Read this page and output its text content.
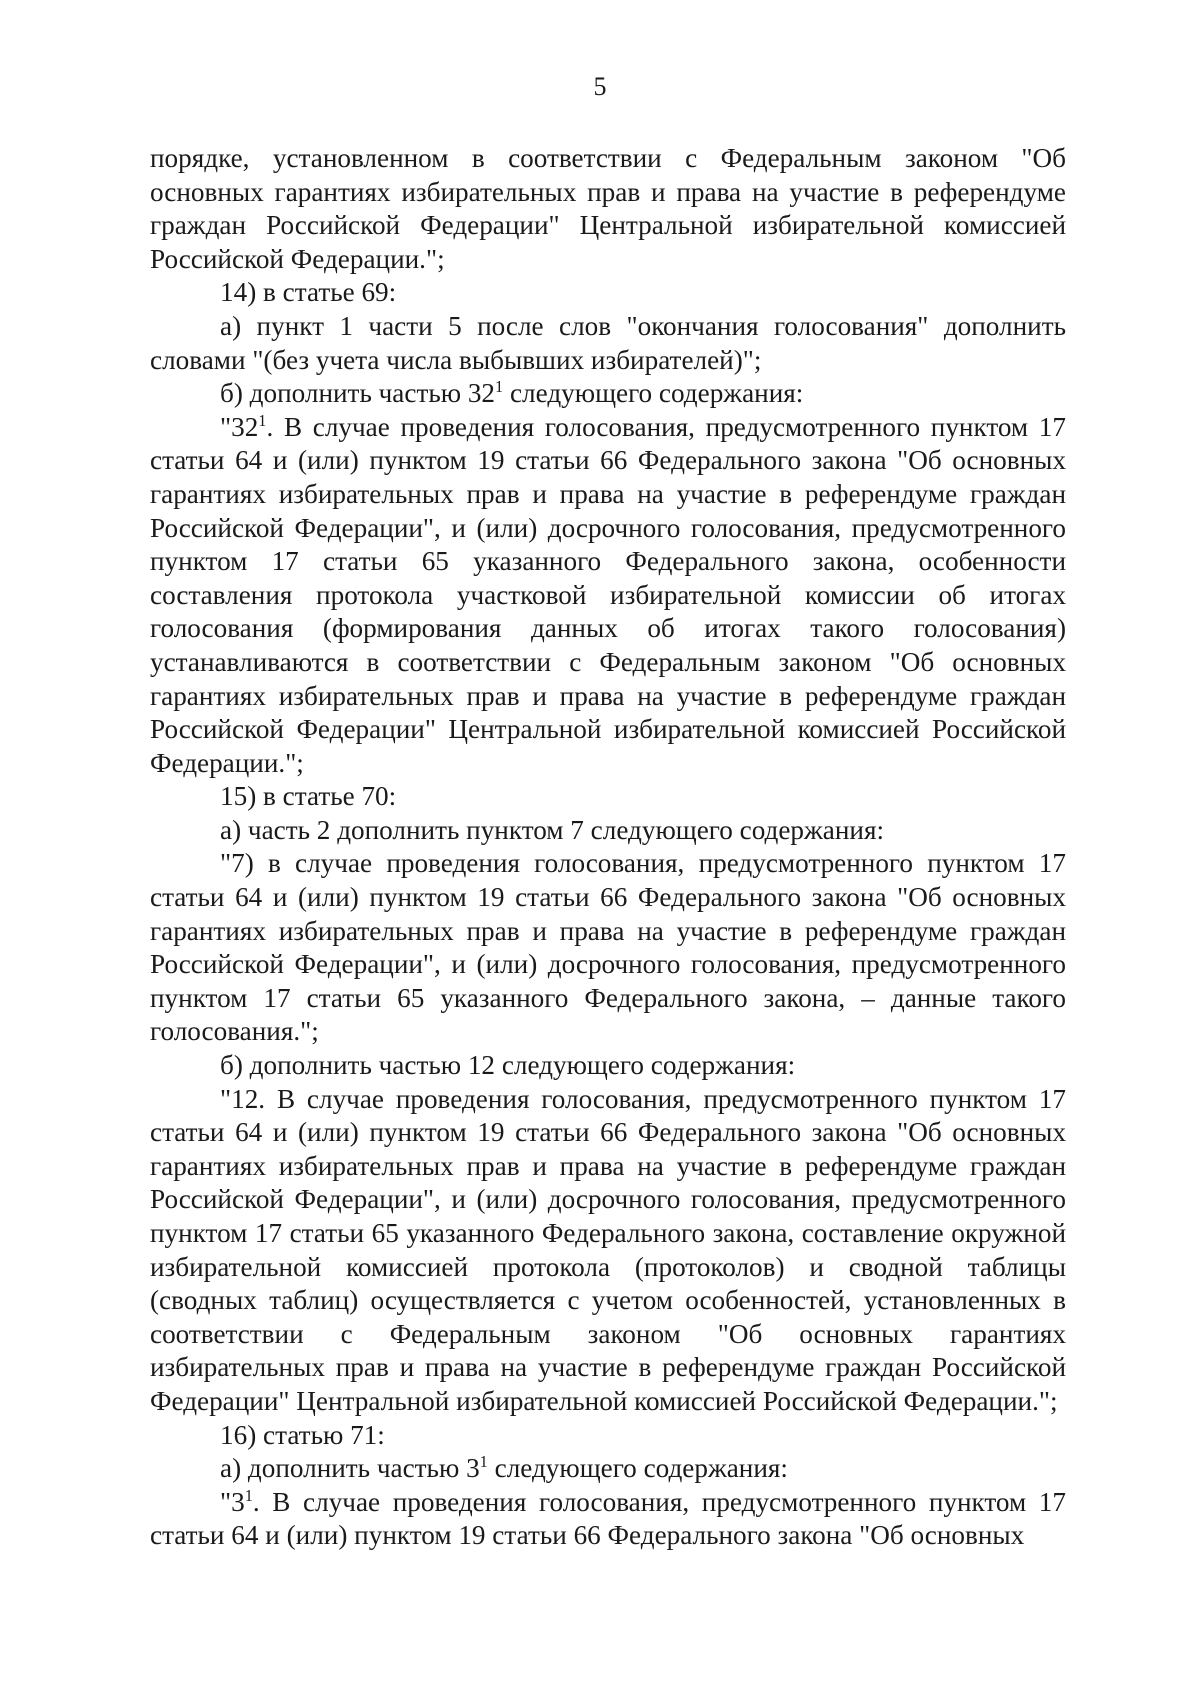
5

порядке, установленном в соответствии с Федеральным законом "Об основных гарантиях избирательных прав и права на участие в референдуме граждан Российской Федерации" Центральной избирательной комиссией Российской Федерации.";

14) в статье 69:

а) пункт 1 части 5 после слов "окончания голосования" дополнить словами "(без учета числа выбывших избирателей)";

б) дополнить частью $32^1$ следующего содержания:

"$32^1$. В случае проведения голосования, предусмотренного пунктом 17 статьи 64 и (или) пунктом 19 статьи 66 Федерального закона "Об основных гарантиях избирательных прав и права на участие в референдуме граждан Российской Федерации", и (или) досрочного голосования, предусмотренного пунктом 17 статьи 65 указанного Федерального закона, особенности составления протокола участковой избирательной комиссии об итогах голосования (формирования данных об итогах такого голосования) устанавливаются в соответствии с Федеральным законом "Об основных гарантиях избирательных прав и права на участие в референдуме граждан Российской Федерации" Центральной избирательной комиссией Российской Федерации.";

15) в статье 70:

а) часть 2 дополнить пунктом 7 следующего содержания:

"7) в случае проведения голосования, предусмотренного пунктом 17 статьи 64 и (или) пунктом 19 статьи 66 Федерального закона "Об основных гарантиях избирательных прав и права на участие в референдуме граждан Российской Федерации", и (или) досрочного голосования, предусмотренного пунктом 17 статьи 65 указанного Федерального закона, – данные такого голосования.";

б) дополнить частью 12 следующего содержания:

"12. В случае проведения голосования, предусмотренного пунктом 17 статьи 64 и (или) пунктом 19 статьи 66 Федерального закона "Об основных гарантиях избирательных прав и права на участие в референдуме граждан Российской Федерации", и (или) досрочного голосования, предусмотренного пунктом 17 статьи 65 указанного Федерального закона, составление окружной избирательной комиссией протокола (протоколов) и сводной таблицы (сводных таблиц) осуществляется с учетом особенностей, установленных в соответствии с Федеральным законом "Об основных гарантиях избирательных прав и права на участие в референдуме граждан Российской Федерации" Центральной избирательной комиссией Российской Федерации.";

16) статью 71:

а) дополнить частью $3^1$ следующего содержания:

"$3^1$. В случае проведения голосования, предусмотренного пунктом 17 статьи 64 и (или) пунктом 19 статьи 66 Федерального закона "Об основных
